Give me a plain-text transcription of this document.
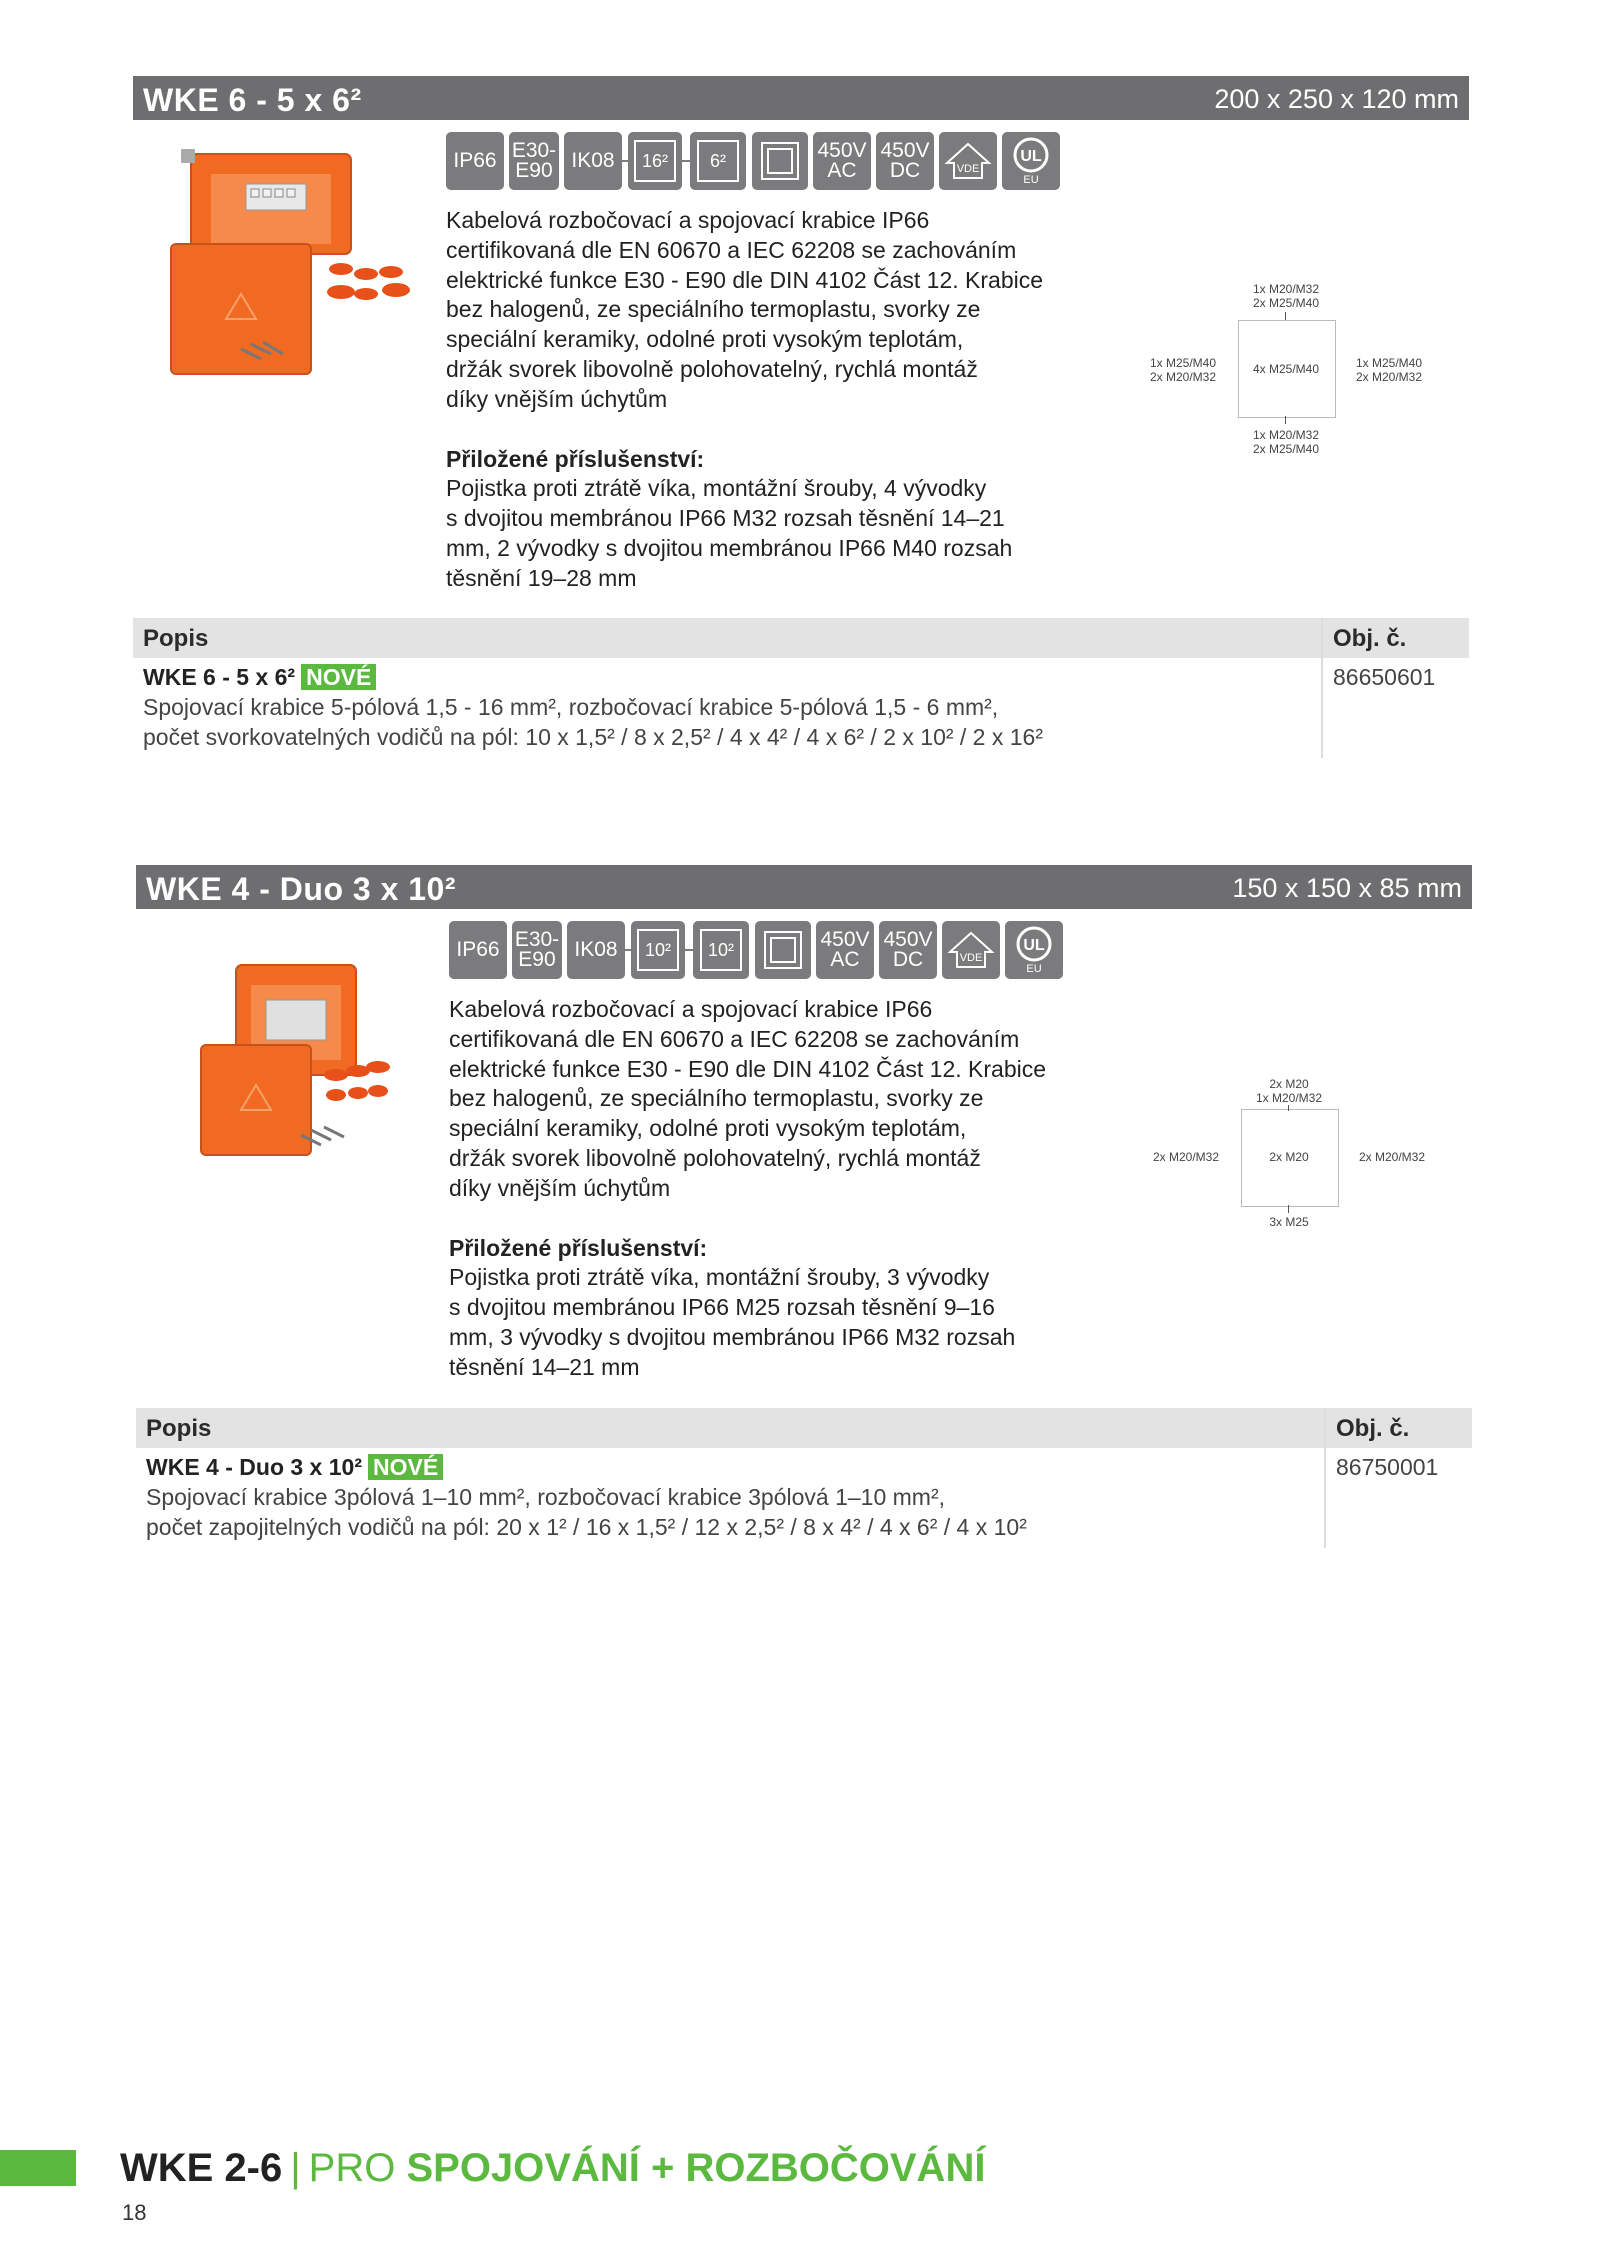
WKE 6 - 5 x 6²	200 x 250 x 120 mm
IP66 E30-
E90 IK08	16²	6²	450V
AC
450V
DC	VDE
UL
EU
Kabelová rozbočovací a spojovací krabice IP66
certifikovaná dle EN 60670 a IEC 62208 se zachováním
elektrické funkce E30 - E90 dle DIN 4102 Část 12. Krabice
bez halogenů, ze speciálního termoplastu, svorky ze
speciální keramiky, odolné proti vysokým teplotám,
držák svorek libovolně polohovatelný, rychlá montáž
díky vnějším úchytům
Přiložené příslušenství:
Pojistka proti ztrátě víka, montážní šrouby, 4 vývodky
s dvojitou membránou IP66 M32 rozsah těsnění 14–21
mm, 2 vývodky s dvojitou membránou IP66 M40 rozsah
těsnění 19–28 mm
1x M20/M32
2x M25/M40
1x M25/M40
2x M20/M32
4x M25/M40	1x M25/M40
2x M20/M32
1x M20/M32
2x M25/M40
Popis	Obj. č.
WKE 6 - 5 x 6² NOVÉ
Spojovací krabice 5-pólová 1,5 - 16 mm², rozbočovací krabice 5-pólová 1,5 - 6 mm²,
počet svorkovatelných vodičů na pól: 10 x 1,5² / 8 x 2,5² / 4 x 4² / 4 x 6² / 2 x 10² / 2 x 16²
86650601
WKE 4 - Duo 3 x 10²	150 x 150 x 85 mm
IP66 E30-
E90 IK08	10²	10²	450V
AC
450V
DC	VDE
UL
EU
Kabelová rozbočovací a spojovací krabice IP66
certifikovaná dle EN 60670 a IEC 62208 se zachováním
elektrické funkce E30 - E90 dle DIN 4102 Část 12. Krabice
bez halogenů, ze speciálního termoplastu, svorky ze
speciální keramiky, odolné proti vysokým teplotám,
držák svorek libovolně polohovatelný, rychlá montáž
díky vnějším úchytům
Přiložené příslušenství:
Pojistka proti ztrátě víka, montážní šrouby, 3 vývodky
s dvojitou membránou IP66 M25 rozsah těsnění 9–16
mm, 3 vývodky s dvojitou membránou IP66 M32 rozsah
těsnění 14–21 mm
2x M20
1x M20/M32
2x M20/M32	2x M20	2x M20/M32
3x M25
Popis	Obj. č.
WKE 4 - Duo 3 x 10² NOVÉ
Spojovací krabice 3pólová 1–10 mm², rozbočovací krabice 3pólová 1–10 mm²,
počet zapojitelných vodičů na pól: 20 x 1² / 16 x 1,5² / 12 x 2,5² / 8 x 4² / 4 x 6² / 4 x 10²
86750001
WKE 2-6 | PRO SPOJOVÁNÍ + ROZBOČOVÁNÍ
18
